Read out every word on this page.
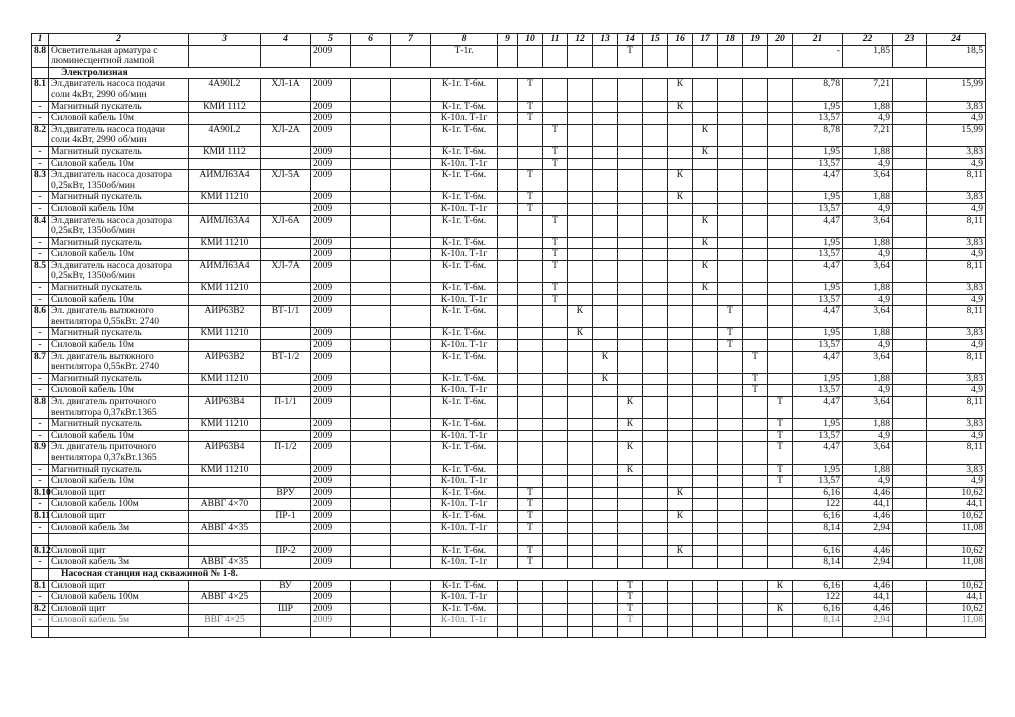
1	2	3	4	5	6	7	8	9	10	11	12	13	14	15	16	17	18	19	20	21	22	23	24
8.8	Осветительная арматура с люминесцентной лампой			2009			Т-1г.						Т							-	1,85		18,5
	Электролизная																						
8.1	Эл.двигатель насоса подачи соли 4кВт, 2990 об/мин	4А90L2	ХЛ-1А	2009			К-1г. Т-6м.		Т						К					8,78	7,21		15,99
-	Магнитный пускатель	КМИ 1112		2009			К-1г. Т-6м.		Т						К					1,95	1,88		3,83
-	Силовой кабель 10м			2009			К-10л. Т-1г		Т											13,57	4,9		4,9
8.2	Эл.двигатель насоса подачи соли 4кВт, 2990 об/мин	4А90L2	ХЛ-2А	2009			К-1г. Т-6м.			Т						К				8,78	7,21		15,99
-	Магнитный пускатель	КМИ 1112		2009			К-1г. Т-6м.			Т						К				1,95	1,88		3,83
-	Силовой кабель 10м			2009			К-10л. Т-1г			Т										13,57	4,9		4,9
8.3	Эл.двигатель насоса дозатора 0,25кВт, 1350об/мин	АИМЛ63А4	ХЛ-5А	2009			К-1г. Т-6м.		Т						К					4,47	3,64		8,11
-	Магнитный пускатель	КМИ 11210		2009			К-1г. Т-6м.		Т						К					1,95	1,88		3,83
-	Силовой кабель 10м			2009			К-10л. Т-1г		Т											13,57	4,9		4,9
8.4	Эл.двигатель насоса дозатора 0,25кВт, 1350об/мин	АИМЛ63А4	ХЛ-6А	2009			К-1г. Т-6м.			Т						К				4,47	3,64		8,11
-	Магнитный пускатель	КМИ 11210		2009			К-1г. Т-6м.			Т						К				1,95	1,88		3,83
-	Силовой кабель 10м			2009			К-10л. Т-1г			Т										13,57	4,9		4,9
8.5	Эл.двигатель насоса дозатора 0,25кВт, 1350об/мин	АИМЛ63А4	ХЛ-7А	2009			К-1г. Т-6м.			Т						К				4,47	3,64		8,11
-	Магнитный пускатель	КМИ 11210		2009			К-1г. Т-6м.			Т						К				1,95	1,88		3,83
-	Силовой кабель 10м			2009			К-10л. Т-1г			Т										13,57	4,9		4,9
8.6	Эл. двигатель вытяжного вентилятора 0,55кВт. 2740	АИР63В2	ВТ-1/1	2009			К-1г. Т-6м.				К						Т			4,47	3,64		8,11
-	Магнитный пускатель	КМИ 11210		2009			К-1г. Т-6м.				К						Т			1,95	1,88		3,83
-	Силовой кабель 10м			2009			К-10л. Т-1г										Т			13,57	4,9		4,9
8.7	Эл. двигатель вытяжного вентилятора 0,55кВт. 2740	АИР63В2	ВТ-1/2	2009			К-1г. Т-6м.					К						Т		4,47	3,64		8,11
-	Магнитный пускатель	КМИ 11210		2009			К-1г. Т-6м.					К						Т		1,95	1,88		3,83
-	Силовой кабель 10м			2009			К-10л. Т-1г											Т		13,57	4,9		4,9
8.8	Эл. двигатель приточного вентилятора 0,37кВт.1365	АИР63В4	П-1/1	2009			К-1г. Т-6м.						К						Т	4,47	3,64		8,11
-	Магнитный пускатель	КМИ 11210		2009			К-1г. Т-6м.						К						Т	1,95	1,88		3,83
-	Силовой кабель 10м			2009			К-10л. Т-1г												Т	13,57	4,9		4,9
8.9	Эл. двигатель приточного вентилятора 0,37кВт.1365	АИР63В4	П-1/2	2009			К-1г. Т-6м.						К						Т	4,47	3,64		8,11
-	Магнитный пускатель	КМИ 11210		2009			К-1г. Т-6м.						К						Т	1,95	1,88		3,83
-	Силовой кабель 10м			2009			К-10л. Т-1г												Т	13,57	4,9		4,9
8.10	Силовой щит		ВРУ	2009			К-1г. Т-6м.		Т						К					6,16	4,46		10,62
-	Силовой кабель 100м	АВВГ 4×70		2009			К-10л. Т-1г		Т											122	44,1		44,1
8.11	Силовой щит		ПР-1	2009			К-1г. Т-6м.		Т						К					6,16	4,46		10,62
-	Силовой кабель 3м	АВВГ 4×35		2009			К-10л. Т-1г		Т											8,14	2,94		11,08

8.12	Силовой щит		ПР-2	2009			К-1г. Т-6м.		Т						К					6,16	4,46		10,62
-	Силовой кабель 3м	АВВГ 4×35		2009			К-10л. Т-1г		Т											8,14	2,94		11,08
	Насосная станция над скважиной № 1-8.																						
8.1	Силовой щит		ВУ	2009			К-1г. Т-6м.						Т						К	6,16	4,46		10,62
-	Силовой кабель 100м	АВВГ 4×25		2009			К-10л. Т-1г						Т							122	44,1		44,1
8.2	Силовой щит		ШР	2009			К-1г. Т-6м.						Т						К	6,16	4,46		10,62
-	Силовой кабель 5м	ВВГ 4×25		2009			К-10л. Т-1г						Т							8,14	2,94		11,08
